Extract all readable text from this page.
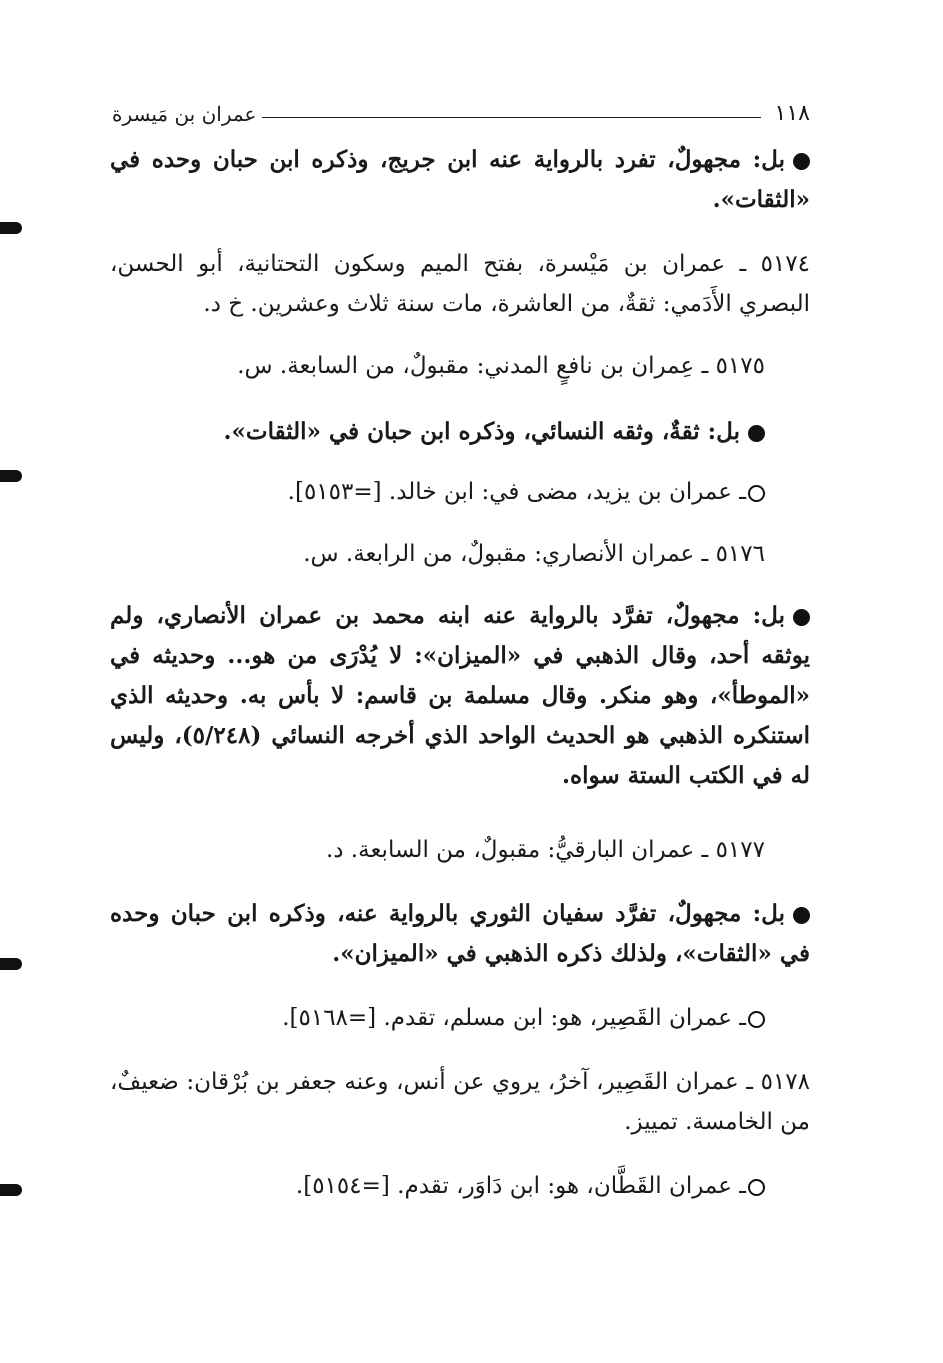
١١٨
عمران بن مَيسرة

بل: مجهولٌ، تفرد بالرواية عنه ابن جريج، وذكره ابن حبان وحده في «الثقات».

٥١٧٤ ـ عمران بن مَيْسرة، بفتح الميم وسكون التحتانية، أبو الحسن، البصري الأَدَمي: ثقةٌ، من العاشرة، مات سنة ثلاث وعشرين. خ د.

٥١٧٥ ـ عِمران بن نافعٍ المدني: مقبولٌ، من السابعة. س.

بل: ثقةٌ، وثقه النسائي، وذكره ابن حبان في «الثقات».

ـ عمران بن يزيد، مضى في: ابن خالد. [=٥١٥٣].

٥١٧٦ ـ عمران الأنصاري: مقبولٌ، من الرابعة. س.

بل: مجهولٌ، تفرَّد بالرواية عنه ابنه محمد بن عمران الأنصاري، ولم يوثقه أحد، وقال الذهبي في «الميزان»: لا يُدْرَى من هو... وحديثه في «الموطأ»، وهو منكر. وقال مسلمة بن قاسم: لا بأس به. وحديثه الذي استنكره الذهبي هو الحديث الواحد الذي أخرجه النسائي (٥/٢٤٨)، وليس له في الكتب الستة سواه.

٥١٧٧ ـ عمران البارقيُّ: مقبولٌ، من السابعة. د.

بل: مجهولٌ، تفرَّد سفيان الثوري بالرواية عنه، وذكره ابن حبان وحده في «الثقات»، ولذلك ذكره الذهبي في «الميزان».

ـ عمران القَصِير، هو: ابن مسلم، تقدم. [=٥١٦٨].

٥١٧٨ ـ عمران القَصِير، آخرُ، يروي عن أنس، وعنه جعفر بن بُرْقان: ضعيفٌ، من الخامسة. تمييز.

ـ عمران القَطَّان، هو: ابن دَاوَر، تقدم. [=٥١٥٤].
